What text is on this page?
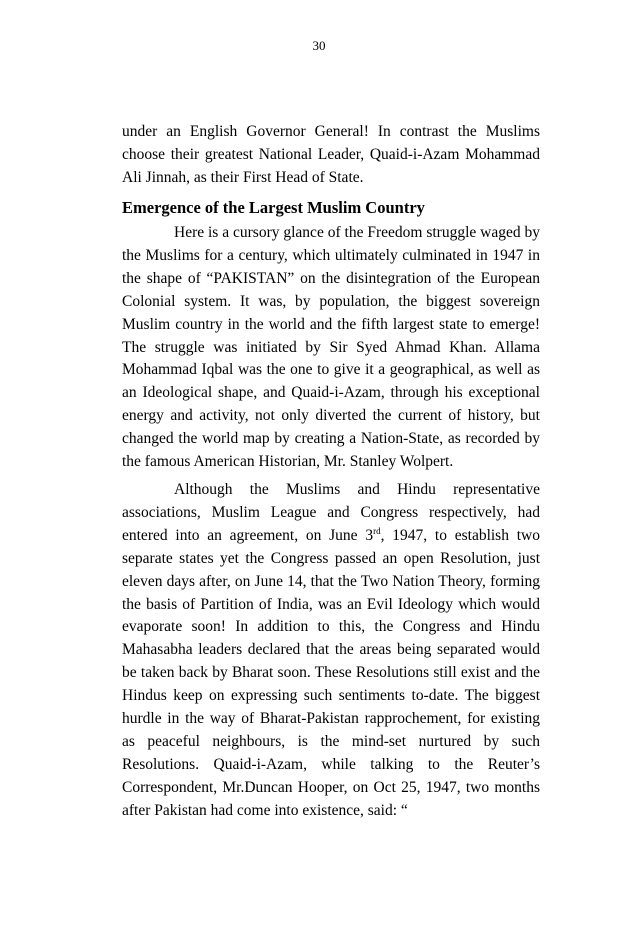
30

under an English Governor General! In contrast the Muslims choose their greatest National Leader, Quaid-i-Azam Mohammad Ali Jinnah, as their First Head of State.

Emergence of the Largest Muslim Country

Here is a cursory glance of the Freedom struggle waged by the Muslims for a century, which ultimately culminated in 1947 in the shape of “PAKISTAN” on the disintegration of the European Colonial system. It was, by population, the biggest sovereign Muslim country in the world and the fifth largest state to emerge! The struggle was initiated by Sir Syed Ahmad Khan. Allama Mohammad Iqbal was the one to give it a geographical, as well as an Ideological shape, and Quaid-i-Azam, through his exceptional energy and activity, not only diverted the current of history, but changed the world map by creating a Nation-State, as recorded by the famous American Historian, Mr. Stanley Wolpert.

Although the Muslims and Hindu representative associations, Muslim League and Congress respectively, had entered into an agreement, on June 3rd, 1947, to establish two separate states yet the Congress passed an open Resolution, just eleven days after, on June 14, that the Two Nation Theory, forming the basis of Partition of India, was an Evil Ideology which would evaporate soon! In addition to this, the Congress and Hindu Mahasabha leaders declared that the areas being separated would be taken back by Bharat soon. These Resolutions still exist and the Hindus keep on expressing such sentiments to-date. The biggest hurdle in the way of Bharat-Pakistan rapprochement, for existing as peaceful neighbours, is the mind-set nurtured by such Resolutions. Quaid-i-Azam, while talking to the Reuter’s Correspondent, Mr.Duncan Hooper, on Oct 25, 1947, two months after Pakistan had come into existence, said: “
